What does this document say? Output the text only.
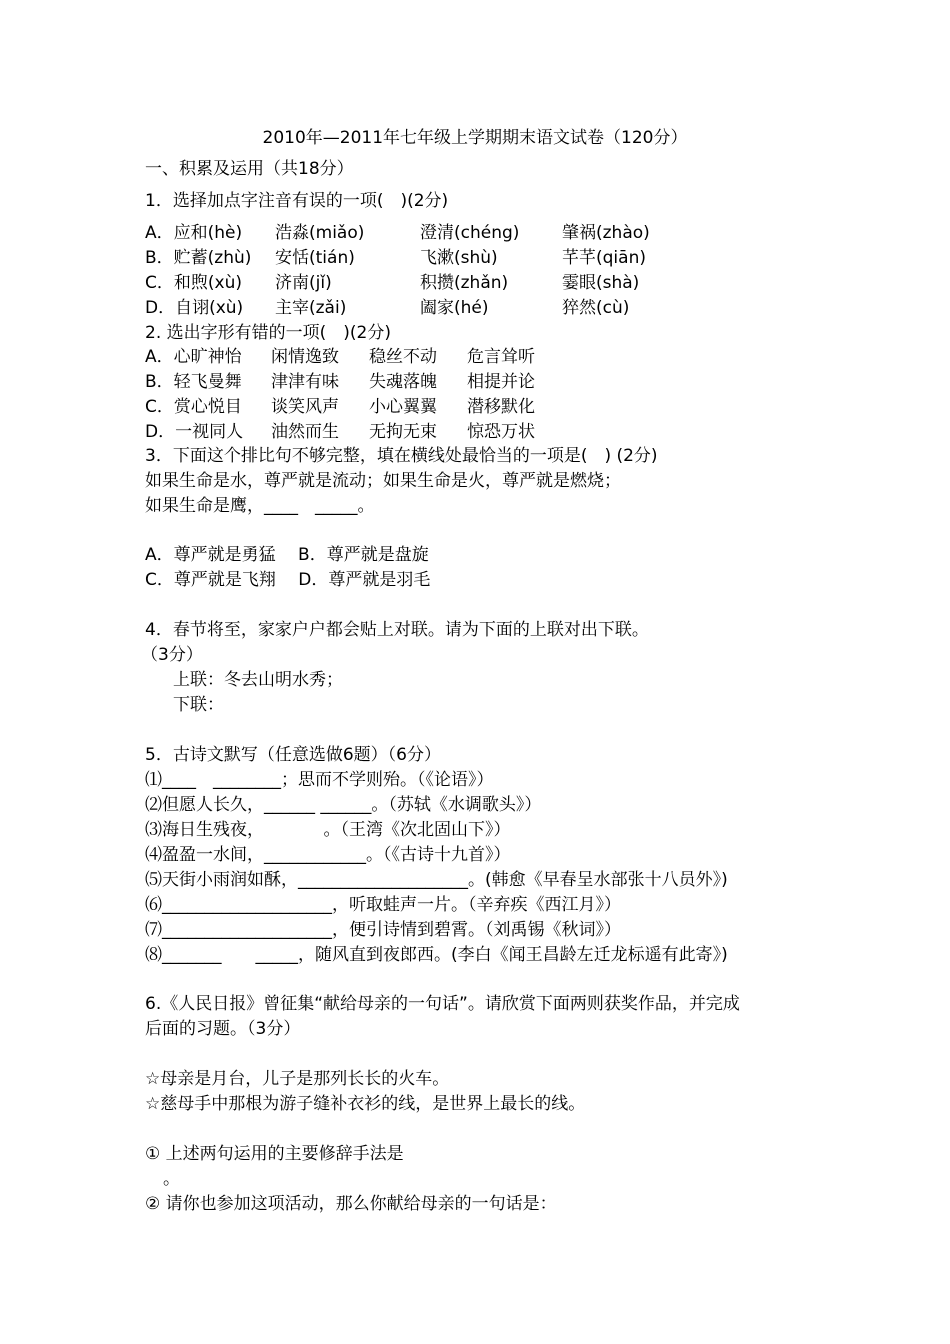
2010年—2011年七年级上学期期末语文试卷（120分）
一、积累及运用（共18分）
1．选择加点字注音有误的一项(　)(2分)
A．应和(hè) 浩淼(miǎo)	澄清(chéng)	肇祸(zhào)
B．贮蓄(zhù) 安恬(tián)	飞漱(shù)	芊芊(qiān)
C．和煦(xù) 济南(jǐ)	积攒(zhǎn)	霎眼(shà)
D．自诩(xù) 主宰(zǎi)	阖家(hé)	猝然(cù)
2. 选出字形有错的一项(　)(2分)
A．心旷神怡 闲情逸致 稳丝不动 危言耸听
B．轻飞曼舞 津津有味 失魂落魄 相提并论
C．赏心悦目 谈笑风声 小心翼翼 潜移默化
D．一视同人 油然而生 无拘无束 惊恐万状
3．下面这个排比句不够完整，填在横线处最恰当的一项是(　) (2分)
如果生命是水，尊严就是流动；如果生命是火，尊严就是燃烧；
如果生命是鹰，____　_____。
A．尊严就是勇猛　 B．尊严就是盘旋
C．尊严就是飞翔　 D．尊严就是羽毛
4．春节将至，家家户户都会贴上对联。请为下面的上联对出下联。
（3分）
上联：冬去山明水秀；
下联：
5．古诗文默写（任意选做6题）（6分）
⑴____　________；思而不学则殆。（《论语》）
⑵但愿人长久，______ ______。（苏轼《水调歌头》）
⑶海日生残夜，　　　　。（王湾《次北固山下》）
⑷盈盈一水间，____________。（《古诗十九首》）
⑸天街小雨润如酥，____________________。(韩愈《早春呈水部张十八员外》)
⑹____________________，听取蛙声一片。（辛弃疾《西江月》）
⑺____________________，便引诗情到碧霄。（刘禹锡《秋词》）
⑻_______　　_____，随风直到夜郎西。(李白《闻王昌龄左迁龙标遥有此寄》)
6.《人民日报》曾征集“献给母亲的一句话”。请欣赏下面两则获奖作品，并完成
后面的习题。（3分）
☆母亲是月台，儿子是那列长长的火车。
☆慈母手中那根为游子缝补衣衫的线，是世界上最长的线。
① 上述两句运用的主要修辞手法是
。
② 请你也参加这项活动，那么你献给母亲的一句话是：
